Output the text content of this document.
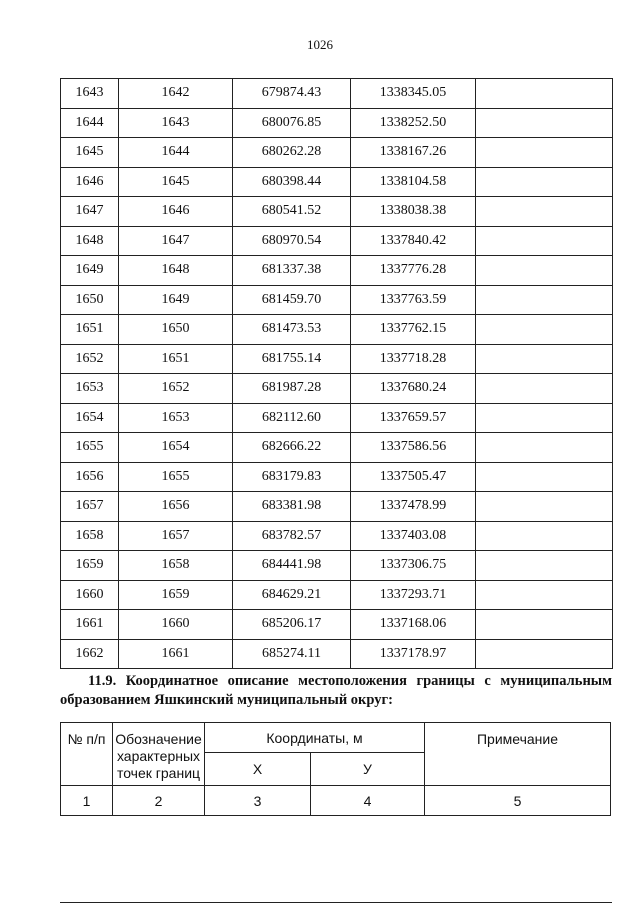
1026
1643	1642	679874.43	1338345.05	
1644	1643	680076.85	1338252.50	
1645	1644	680262.28	1338167.26	
1646	1645	680398.44	1338104.58	
1647	1646	680541.52	1338038.38	
1648	1647	680970.54	1337840.42	
1649	1648	681337.38	1337776.28	
1650	1649	681459.70	1337763.59	
1651	1650	681473.53	1337762.15	
1652	1651	681755.14	1337718.28	
1653	1652	681987.28	1337680.24	
1654	1653	682112.60	1337659.57	
1655	1654	682666.22	1337586.56	
1656	1655	683179.83	1337505.47	
1657	1656	683381.98	1337478.99	
1658	1657	683782.57	1337403.08	
1659	1658	684441.98	1337306.75	
1660	1659	684629.21	1337293.71	
1661	1660	685206.17	1337168.06	
1662	1661	685274.11	1337178.97	
11.9. Координатное описание местоположения границы с муниципальным
образованием Яшкинский муниципальный округ:
№ п/п	Обозначение характерных точек границ	Координаты, м		Примечание
		Х	У	
1	2	3	4	5
